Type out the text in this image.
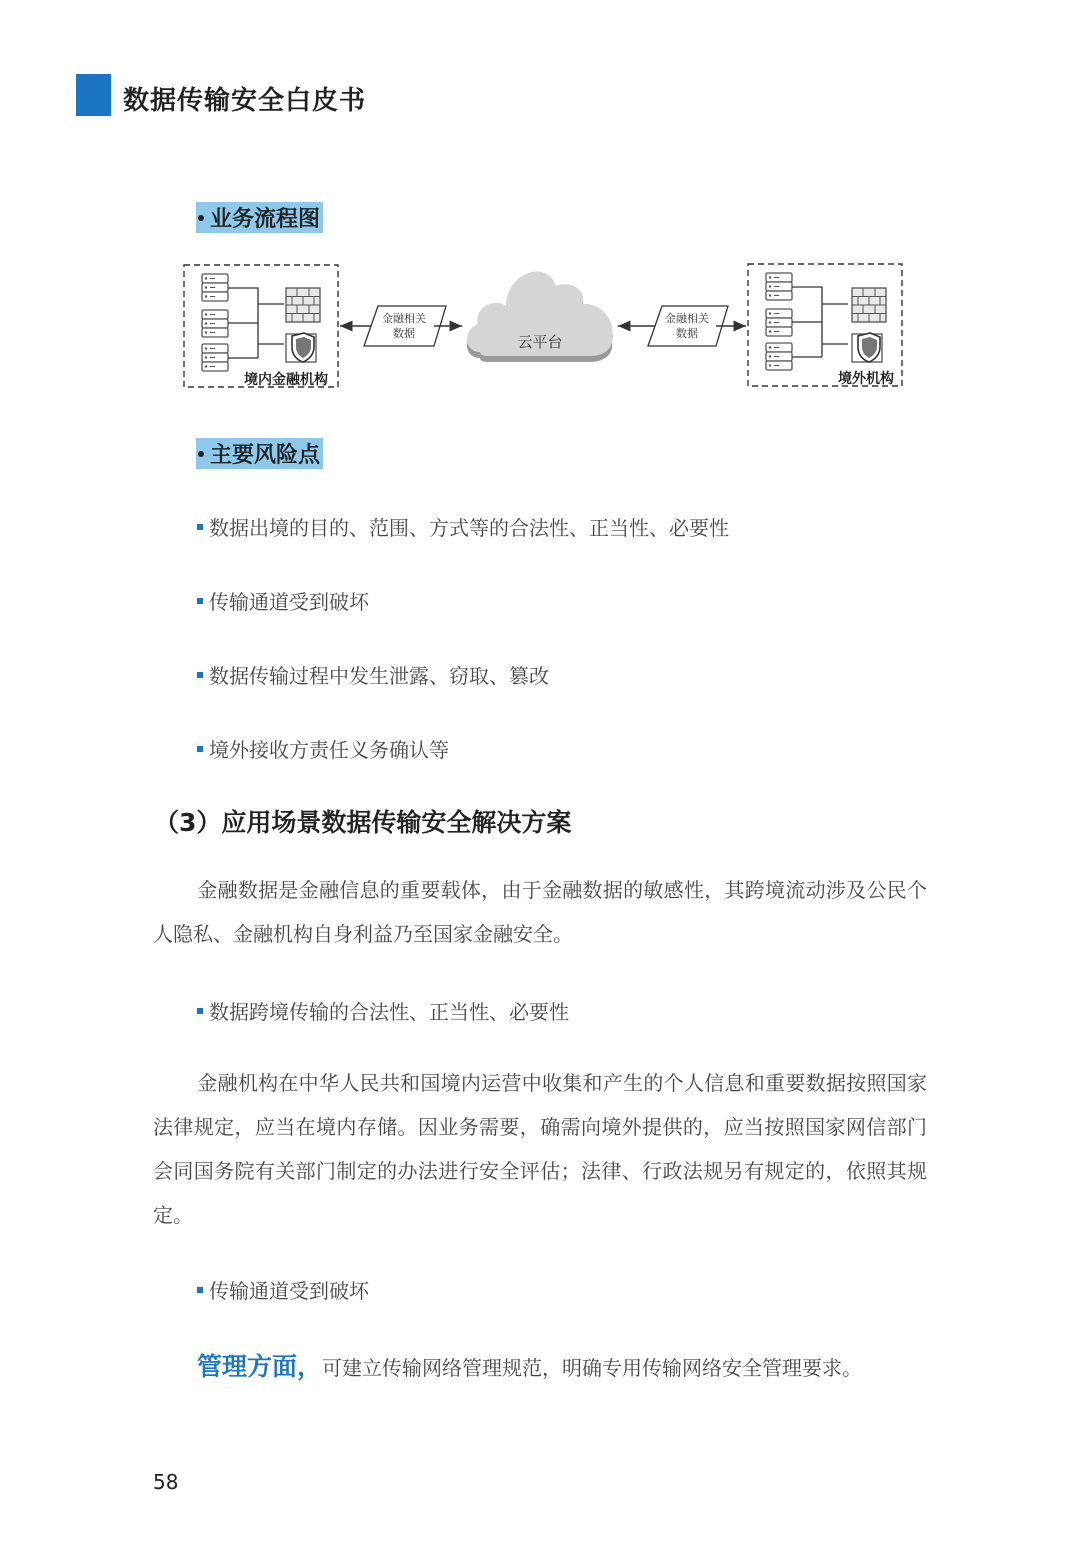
数据传输安全白皮书
业务流程图
境内金融机构
金融相关
数据	云平台
金融相关
数据
境外机构
主要风险点
数据出境的目的、范围、方式等的合法性、正当性、必要性
传输通道受到破坏
数据传输过程中发生泄露、窃取、篡改
境外接收方责任义务确认等
（3）应用场景数据传输安全解决方案
金融数据是金融信息的重要载体，由于金融数据的敏感性，其跨境流动涉及公民个人隐私、金融机构自身利益乃至国家金融安全。
数据跨境传输的合法性、正当性、必要性
金融机构在中华人民共和国境内运营中收集和产生的个人信息和重要数据按照国家法律规定，应当在境内存储。因业务需要，确需向境外提供的，应当按照国家网信部门会同国务院有关部门制定的办法进行安全评估；法律、行政法规另有规定的，依照其规定。
传输通道受到破坏
管理方面，可建立传输网络管理规范，明确专用传输网络安全管理要求。
58
